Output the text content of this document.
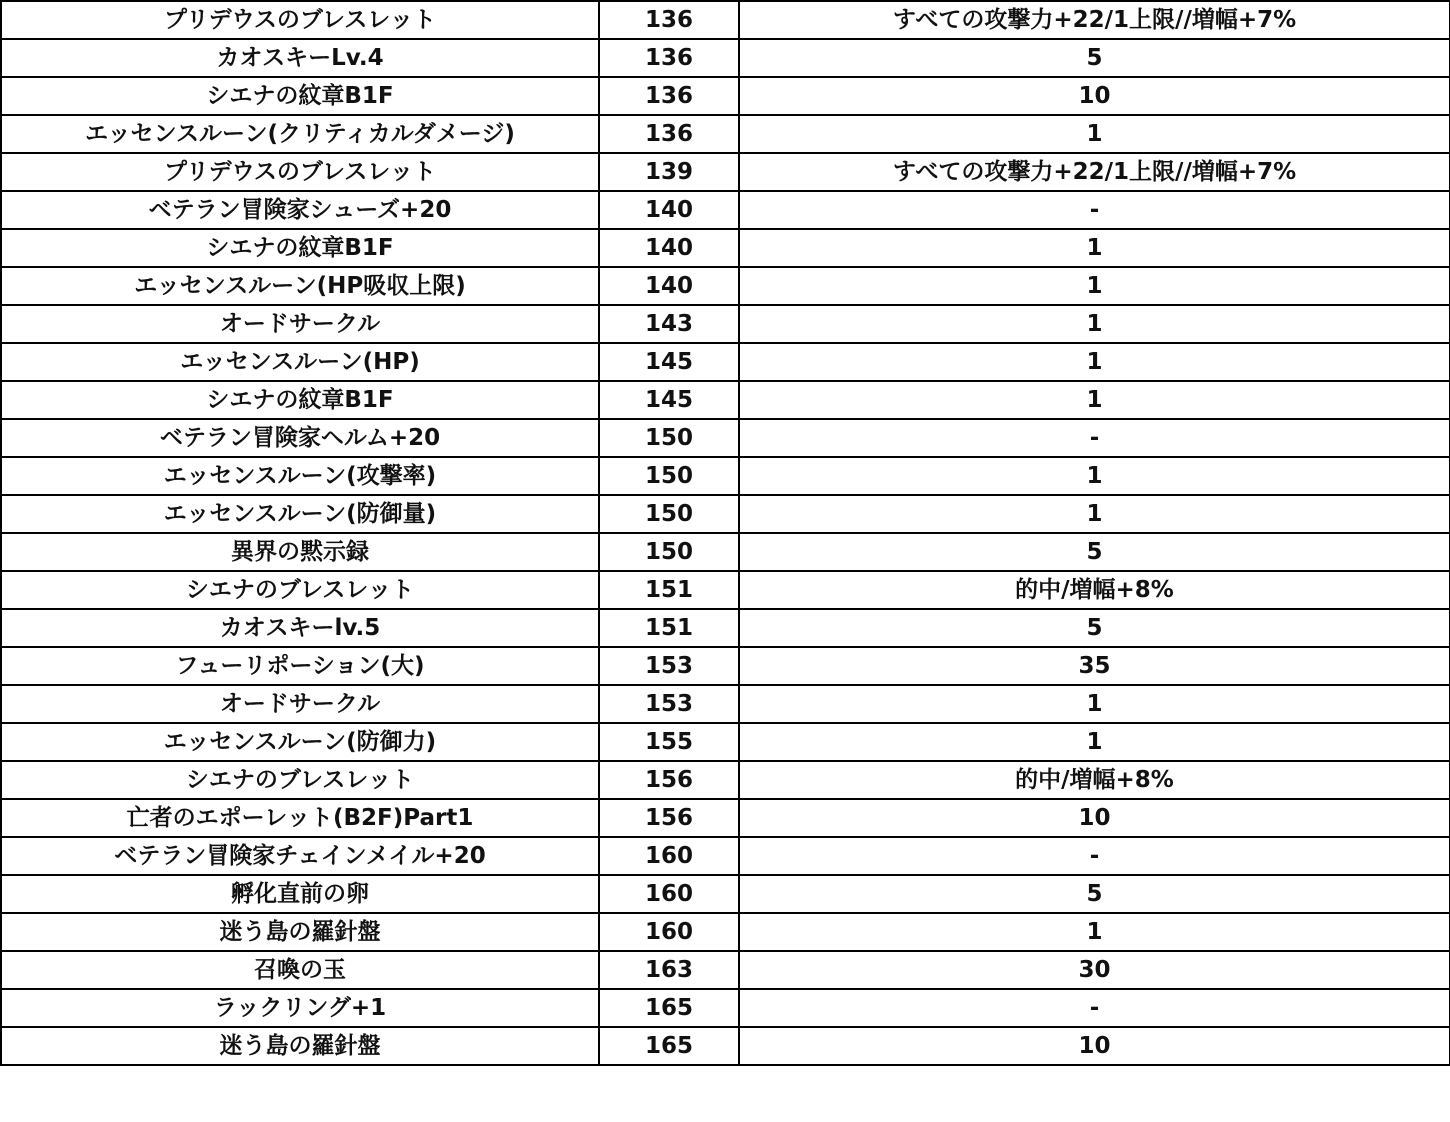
プリデウスのブレスレット	136	すべての攻撃力+22/1上限//増幅+7%
カオスキーLv.4	136	5
シエナの紋章B1F	136	10
エッセンスルーン(クリティカルダメージ)	136	1
プリデウスのブレスレット	139	すべての攻撃力+22/1上限//増幅+7%
ベテラン冒険家シューズ+20	140	-
シエナの紋章B1F	140	1
エッセンスルーン(HP吸収上限)	140	1
オードサークル	143	1
エッセンスルーン(HP)	145	1
シエナの紋章B1F	145	1
ベテラン冒険家ヘルム+20	150	-
エッセンスルーン(攻撃率)	150	1
エッセンスルーン(防御量)	150	1
異界の黙示録	150	5
シエナのブレスレット	151	的中/増幅+8%
カオスキーlv.5	151	5
フューリポーション(大)	153	35
オードサークル	153	1
エッセンスルーン(防御力)	155	1
シエナのブレスレット	156	的中/増幅+8%
亡者のエポーレット(B2F)Part1	156	10
ベテラン冒険家チェインメイル+20	160	-
孵化直前の卵	160	5
迷う島の羅針盤	160	1
召喚の玉	163	30
ラックリング+1	165	-
迷う島の羅針盤	165	10
